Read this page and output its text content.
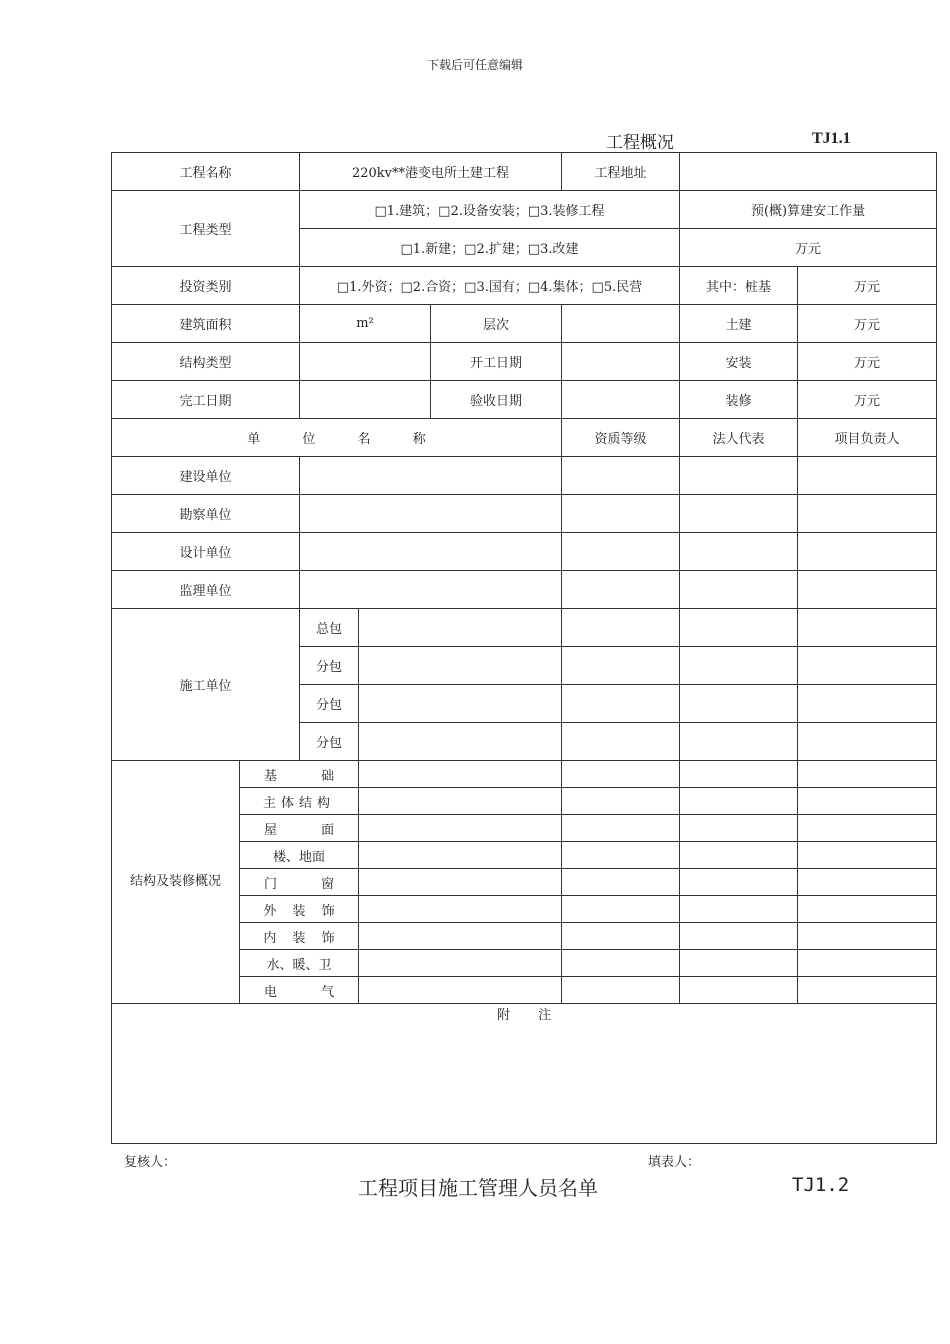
下载后可任意编辑
工程概况	TJ1.1
工程名称		220kv**港变电所土建工程			工程地址		
工程类型		□1.建筑；□2.设备安装；□3.装修工程				预(概)算建安工作量	
		□1.新建；□2.扩建；□3.改建				万元	
投资类别		□1.外资；□2.合资；□3.国有；□4.集体；□5.民营				其中：桩基	万元
建筑面积		m²		层次		土建	万元
结构类型				开工日期		安装	万元
完工日期				验收日期		装修	万元
单 位 名 称					资质等级	法人代表	项目负责人
建设单位							
勘察单位							
设计单位							
监理单位							
施工单位		总包					
		分包					
		分包					
		分包					
结构及装修概况	基 础						
	主体结构						
	屋 面						
	楼、地面						
	门 窗						
	外 装 饰						
	内 装 饰						
	水、暖、卫						
	电 气						
附 注							
复核人：	填表人：
工程项目施工管理人员名单	TJ1.2
